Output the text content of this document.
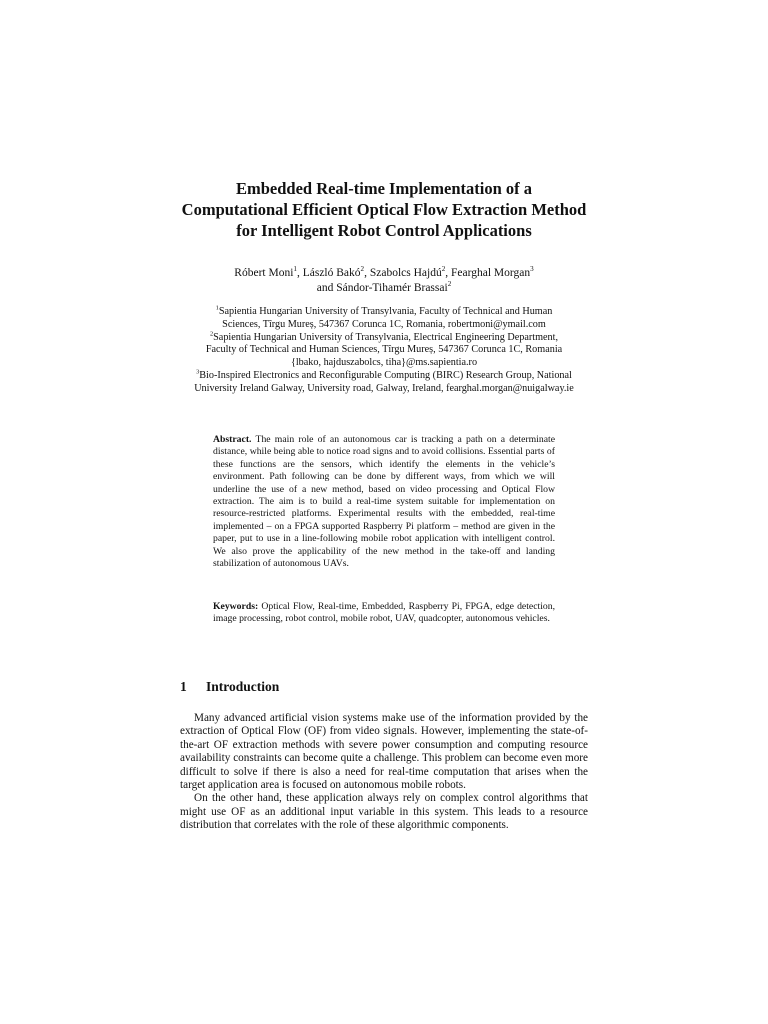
Embedded Real-time Implementation of a
Computational Efficient Optical Flow Extraction Method
for Intelligent Robot Control Applications
Róbert Moni$^1$, László Bakó$^2$, Szabolcs Hajdú$^2$, Fearghal Morgan$^3$
and Sándor-Tihamér Brassai$^2$
$^1$Sapientia Hungarian University of Transylvania, Faculty of Technical and Human
Sciences, Tîrgu Mureș, 547367 Corunca 1C, Romania, robertmoni@ymail.com
$^2$Sapientia Hungarian University of Transylvania, Electrical Engineering Department,
Faculty of Technical and Human Sciences, Tîrgu Mureș, 547367 Corunca 1C, Romania
{lbako, hajduszabolcs, tiha}@ms.sapientia.ro
$^3$Bio-Inspired Electronics and Reconfigurable Computing (BIRC) Research Group, National
University Ireland Galway, University road, Galway, Ireland, fearghal.morgan@nuigalway.ie
Abstract. The main role of an autonomous car is tracking a path on a determinate distance, while being able to notice road signs and to avoid collisions. Essential parts of these functions are the sensors, which identify the elements in the vehicle’s environment. Path following can be done by different ways, from which we will underline the use of a new method, based on video processing and Optical Flow extraction. The aim is to build a real-time system suitable for implementation on resource-restricted platforms. Experimental results with the embedded, real-time implemented – on a FPGA supported Raspberry Pi platform – method are given in the paper, put to use in a line-following mobile robot application with intelligent control. We also prove the applicability of the new method in the take-off and landing stabilization of autonomous UAVs.
Keywords: Optical Flow, Real-time, Embedded, Raspberry Pi, FPGA, edge detection, image processing, robot control, mobile robot, UAV, quadcopter, autonomous vehicles.
1 Introduction

Many advanced artificial vision systems make use of the information provided by the extraction of Optical Flow (OF) from video signals. However, implementing the state-of-the-art OF extraction methods with severe power consumption and computing resource availability constraints can become quite a challenge. This problem can become even more difficult to solve if there is also a need for real-time computation that arises when the target application area is focused on autonomous mobile robots.

On the other hand, these application always rely on complex control algorithms that might use OF as an additional input variable in this system. This leads to a resource distribution that correlates with the role of these algorithmic components.
